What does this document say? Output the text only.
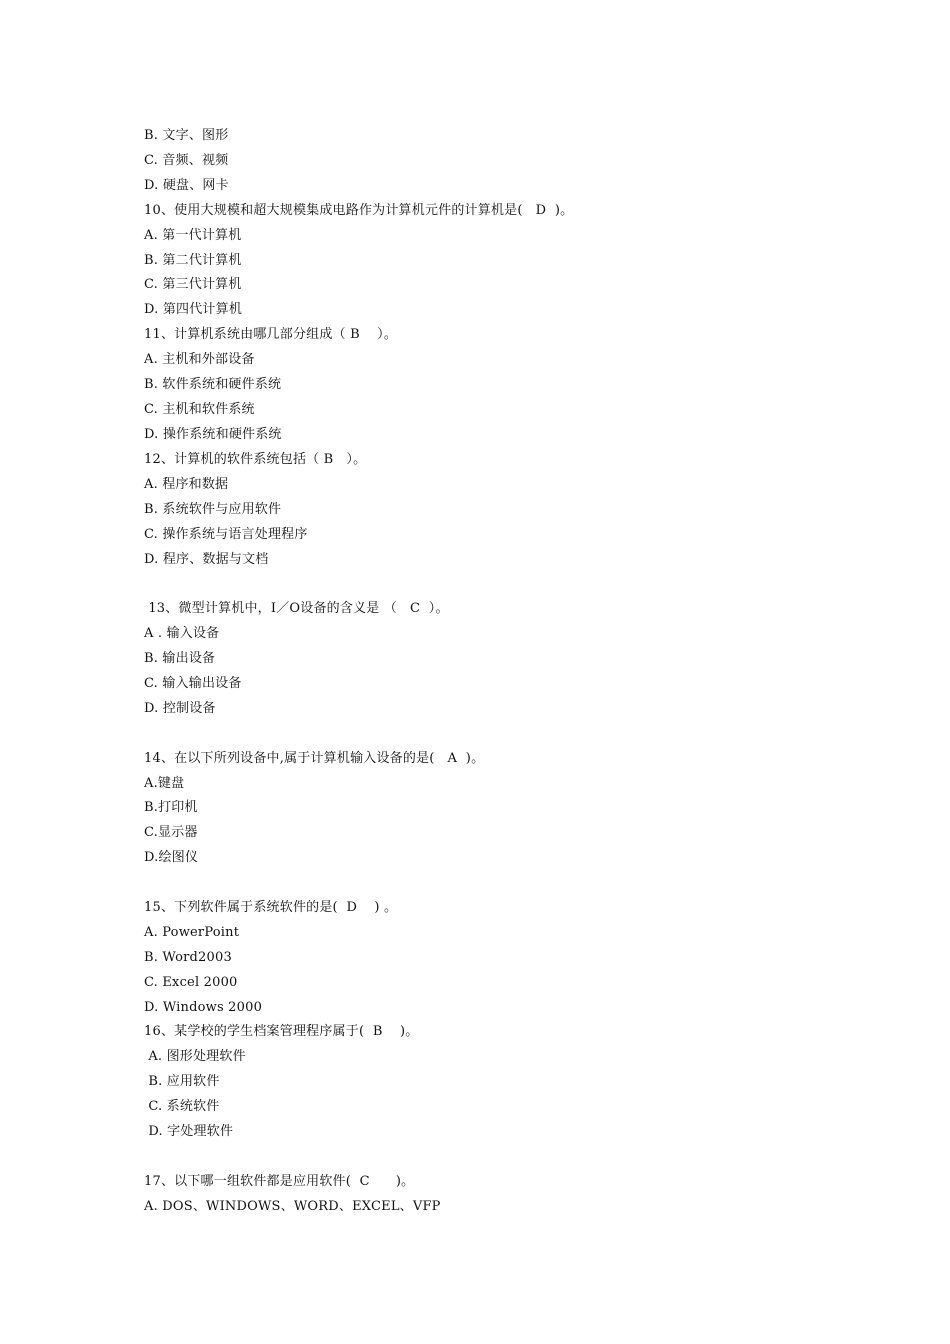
B. 文字、图形
C. 音频、视频
D. 硬盘、网卡
10、使用大规模和超大规模集成电路作为计算机元件的计算机是(   D  )。
A. 第一代计算机
B. 第二代计算机
C. 第三代计算机
D. 第四代计算机
11、计算机系统由哪几部分组成（ B    ）。
A. 主机和外部设备
B. 软件系统和硬件系统
C. 主机和软件系统
D. 操作系统和硬件系统
12、计算机的软件系统包括（ B   ）。
A. 程序和数据
B. 系统软件与应用软件
C. 操作系统与语言处理程序
D. 程序、数据与文档
13、微型计算机中，I／O设备的含义是 （   C  ）。
A . 输入设备
B. 输出设备
C. 输入输出设备
D. 控制设备
14、在以下所列设备中,属于计算机输入设备的是(   A  )。
A.键盘
B.打印机
C.显示器
D.绘图仪
15、下列软件属于系统软件的是(  D    ) 。
A. PowerPoint
B. Word2003
C. Excel 2000
D. Windows 2000
16、某学校的学生档案管理程序属于(  B    )。
A. 图形处理软件
B. 应用软件
C. 系统软件
D. 字处理软件
17、以下哪一组软件都是应用软件(  C      )。
A. DOS、WINDOWS、WORD、EXCEL、VFP
